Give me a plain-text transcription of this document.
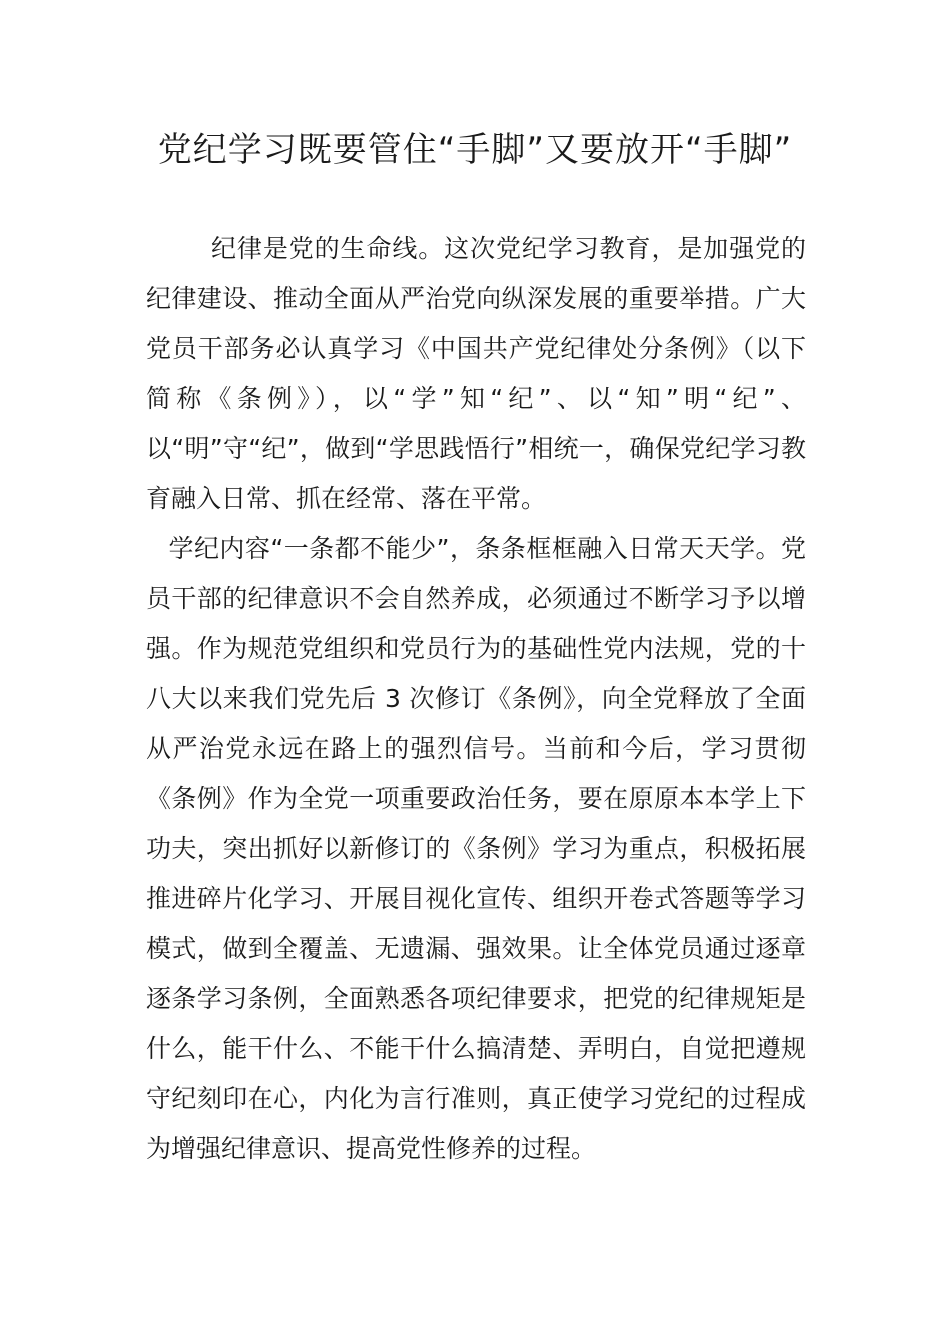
党纪学习既要管住“手脚”又要放开“手脚”

纪律是党的生命线。这次党纪学习教育，是加强党的纪律建设、推动全面从严治党向纵深发展的重要举措。广大党员干部务必认真学习《中国共产党纪律处分条例》（以下简称《条例》），以“学”知“纪”、以“知”明“纪”、以“明”守“纪”，做到“学思践悟行”相统一，确保党纪学习教育融入日常、抓在经常、落在平常。

学纪内容“一条都不能少”，条条框框融入日常天天学。党员干部的纪律意识不会自然养成，必须通过不断学习予以增强。作为规范党组织和党员行为的基础性党内法规，党的十八大以来我们党先后 3 次修订《条例》，向全党释放了全面从严治党永远在路上的强烈信号。当前和今后，学习贯彻《条例》作为全党一项重要政治任务，要在原原本本学上下功夫，突出抓好以新修订的《条例》学习为重点，积极拓展推进碎片化学习、开展目视化宣传、组织开卷式答题等学习模式，做到全覆盖、无遗漏、强效果。让全体党员通过逐章逐条学习条例，全面熟悉各项纪律要求，把党的纪律规矩是什么，能干什么、不能干什么搞清楚、弄明白，自觉把遵规守纪刻印在心，内化为言行准则，真正使学习党纪的过程成为增强纪律意识、提高党性修养的过程。
